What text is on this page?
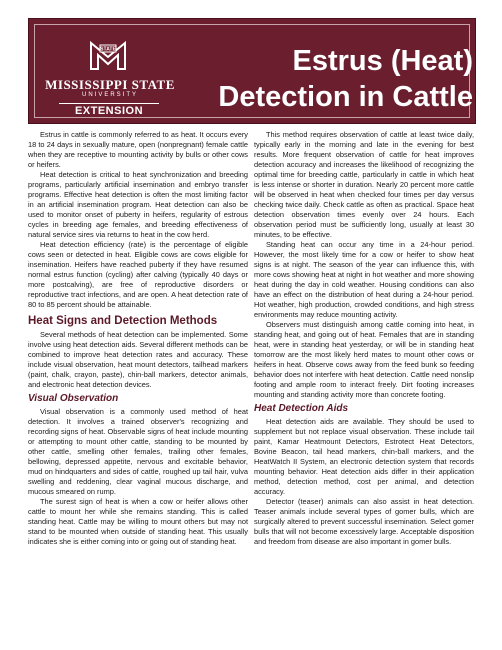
STATE
MISSISSIPPI STATE
UNIVERSITY
EXTENSION
Estrus (Heat)
Detection in Cattle

Estrus in cattle is commonly referred to as heat. It occurs every 18 to 24 days in sexually mature, open (nonpregnant) female cattle when they are receptive to mounting activity by bulls or other cows or heifers.

Heat detection is critical to heat synchronization and breeding programs, particularly artificial insemination and embryo transfer programs. Effective heat detection is often the most limiting factor in an artificial insemination program. Heat detection can also be used to monitor onset of puberty in heifers, regularity of estrous cycles in breeding age females, and breeding effectiveness of natural service sires via returns to heat in the cow herd.

Heat detection efficiency (rate) is the percentage of eligible cows seen or detected in heat. Eligible cows are cows eligible for insemination. Heifers have reached puberty if they have resumed normal estrus function (cycling) after calving (typically 40 days or more postcalving), are free of reproductive disorders or reproductive tract infections, and are open. A heat detection rate of 80 to 85 percent should be attainable.

Heat Signs and Detection Methods

Several methods of heat detection can be implemented. Some involve using heat detection aids. Several different methods can be combined to improve heat detection rates and accuracy. These include visual observation, heat mount detectors, tailhead markers (paint, chalk, crayon, paste), chin-ball markers, detector animals, and electronic heat detection devices.

Visual Observation

Visual observation is a commonly used method of heat detection. It involves a trained observer's recognizing and recording signs of heat. Observable signs of heat include mounting or attempting to mount other cattle, standing to be mounted by other cattle, smelling other females, trailing other females, bellowing, depressed appetite, nervous and excitable behavior, mud on hindquarters and sides of cattle, roughed up tail hair, vulva swelling and reddening, clear vaginal mucous discharge, and mucous smeared on rump.

The surest sign of heat is when a cow or heifer allows other cattle to mount her while she remains standing. This is called standing heat. Cattle may be willing to mount others but may not stand to be mounted when outside of standing heat. This usually indicates she is either coming into or going out of standing heat.

This method requires observation of cattle at least twice daily, typically early in the morning and late in the evening for best results. More frequent observation of cattle for heat improves detection accuracy and increases the likelihood of recognizing the optimal time for breeding cattle, particularly in cattle in which heat is less intense or shorter in duration. Nearly 20 percent more cattle will be observed in heat when checked four times per day versus checking twice daily. Check cattle as often as practical. Space heat detection observation times evenly over 24 hours. Each observation period must be sufficiently long, usually at least 30 minutes, to be effective.

Standing heat can occur any time in a 24-hour period. However, the most likely time for a cow or heifer to show heat signs is at night. The season of the year can influence this, with more cows showing heat at night in hot weather and more showing heat during the day in cold weather. Housing conditions can also have an effect on the distribution of heat during a 24-hour period. Hot weather, high production, crowded conditions, and high stress environments may reduce mounting activity.

Observers must distinguish among cattle coming into heat, in standing heat, and going out of heat. Females that are in standing heat, were in standing heat yesterday, or will be in standing heat tomorrow are the most likely herd mates to mount other cows or heifers in heat. Observe cows away from the feed bunk so feeding behavior does not interfere with heat detection. Cattle need nonslip footing and ample room to interact freely. Dirt footing increases mounting and standing activity more than concrete footing.

Heat Detection Aids

Heat detection aids are available. They should be used to supplement but not replace visual observation. These include tail paint, Kamar Heatmount Detectors, Estrotect Heat Detectors, Bovine Beacon, tail head markers, chin-ball markers, and the HeatWatch II System, an electronic detection system that records mounting behavior. Heat detection aids differ in their application method, detection method, cost per animal, and detection accuracy.

Detector (teaser) animals can also assist in heat detection. Teaser animals include several types of gomer bulls, which are surgically altered to prevent successful insemination. Select gomer bulls that will not become excessively large. Acceptable disposition and freedom from disease are also important in gomer bulls.
